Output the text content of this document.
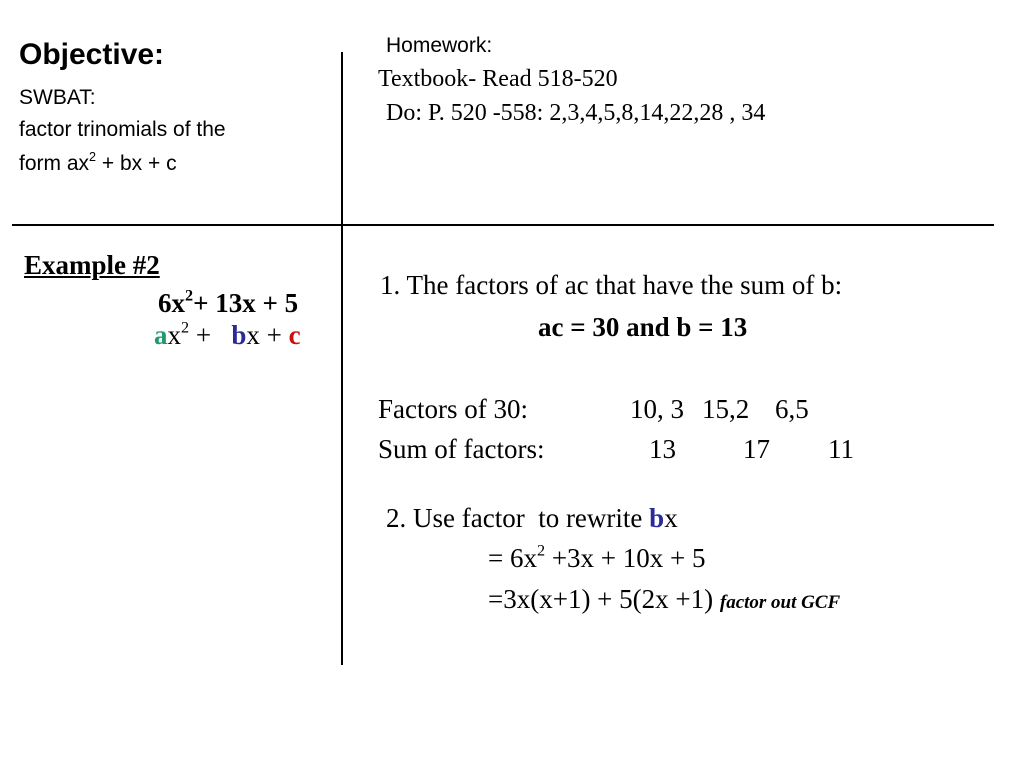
Objective:
SWBAT:
factor trinomials of the
form $ax^2$ + bx + c
Homework:
Textbook- Read 518-520
Do: P. 520 -558: 2,3,4,5,8,14,22,28 , 34
Example #2
$6x^2+ 13x + 5$
$ax^2$ +   bx + c
1. The factors of ac that have the sum of b:
ac = 30 and b = 13
Factors of 30:	10, 3 15,2 6,5
Sum of factors:	13 17 11
2. Use factor  to rewrite bx
= $6x^2 +3x + 10x + 5$
=3x(x+1) + 5(2x +1) factor out GCF
